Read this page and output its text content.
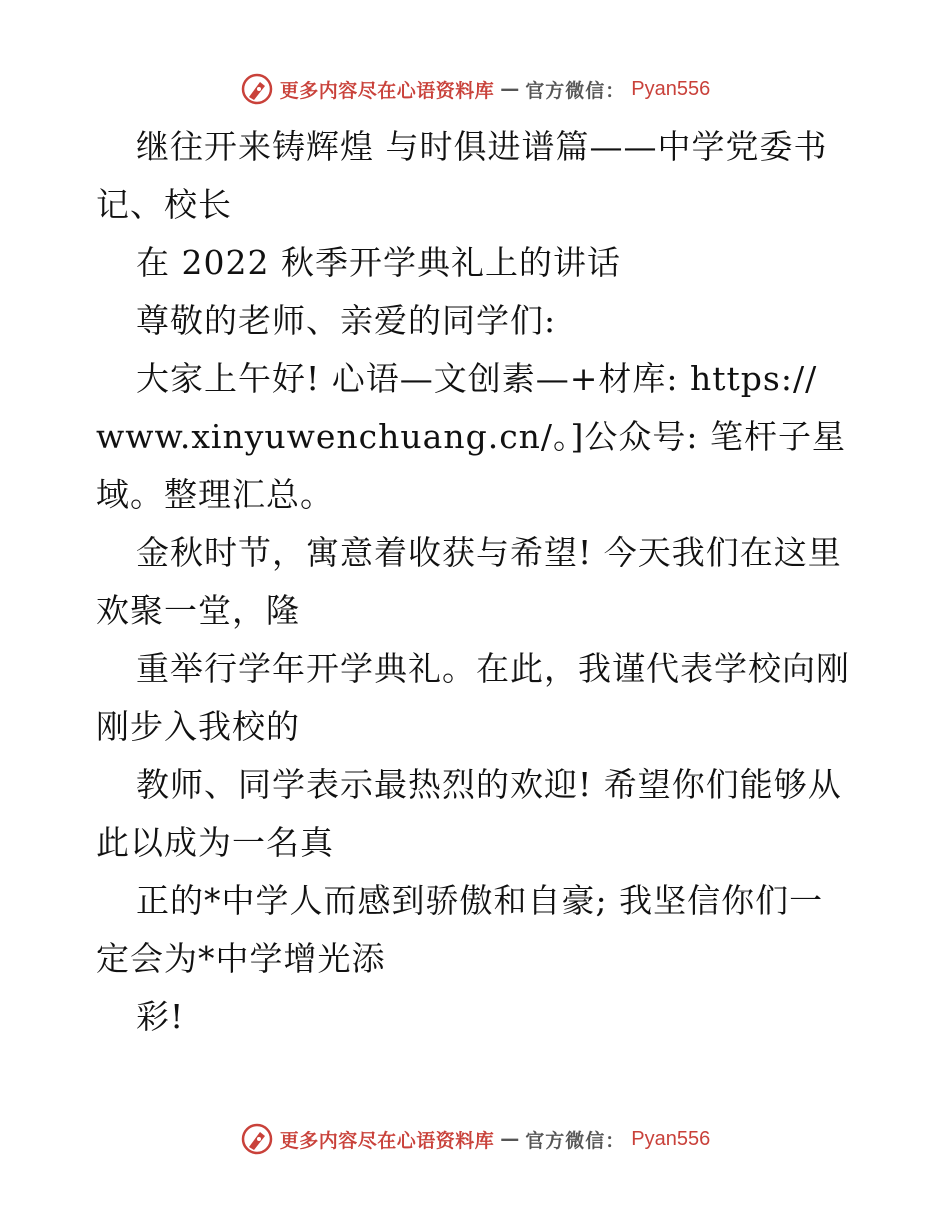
更多内容尽在心语资料库 — 官方微信： Pyan556
继往开来铸辉煌 与时俱进谱篇——中学党委书
记、校长
在 2022 秋季开学典礼上的讲话
尊敬的老师、亲爱的同学们:
大家上午好! 心语—文创素—+材库: https://
www.xinyuwenchuang.cn/。]公众号: 笔杆子星
域。整理汇总。
金秋时节，寓意着收获与希望! 今天我们在这里
欢聚一堂，隆
重举行学年开学典礼。在此，我谨代表学校向刚
刚步入我校的
教师、同学表示最热烈的欢迎! 希望你们能够从
此以成为一名真
正的*中学人而感到骄傲和自豪; 我坚信你们一
定会为*中学增光添
彩!
更多内容尽在心语资料库 — 官方微信： Pyan556
